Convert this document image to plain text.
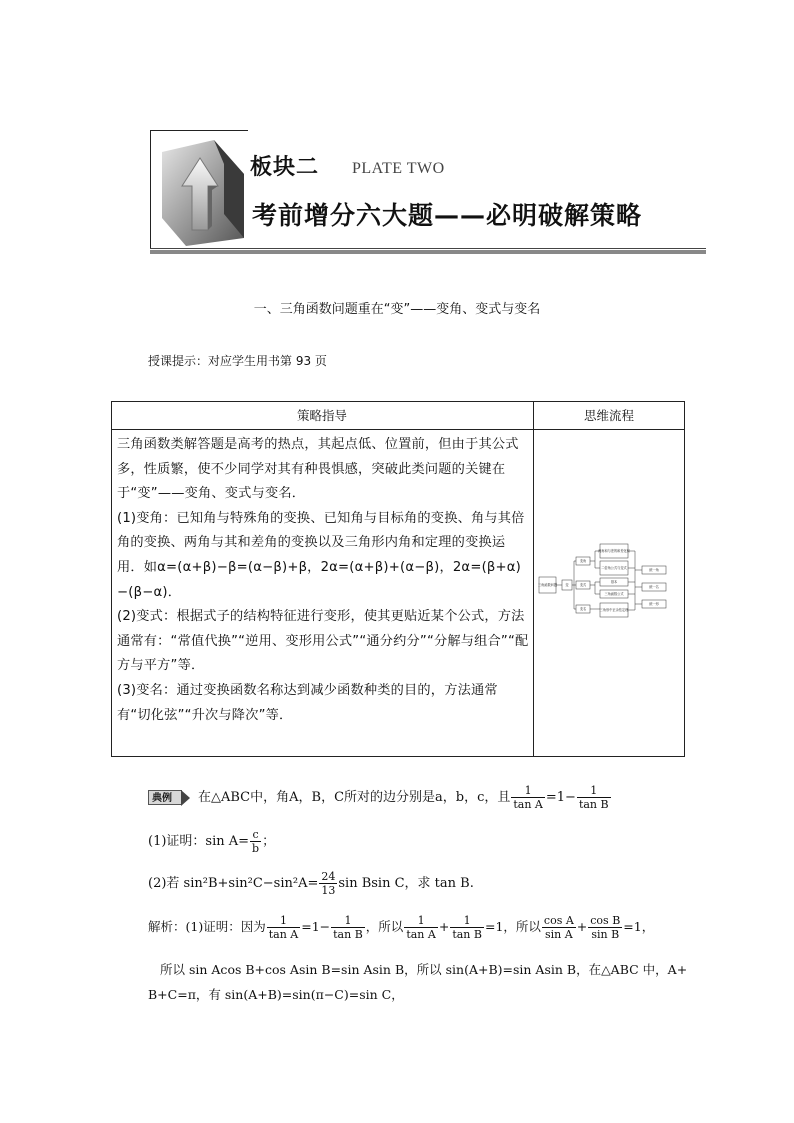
板块二 PLATE TWO
考前增分六大题——必明破解策略
一、三角函数问题重在“变”——变角、变式与变名
授课提示：对应学生用书第 93 页
策略指导	思维流程

三角函数类解答题是高考的热点，其起点低、位置前，但由于其公式多，性质繁，使不少同学对其有种畏惧感，突破此类问题的关键在于“变”——变角、变式与变名．

(1)变角：已知角与特殊角的变换、已知角与目标角的变换、角与其倍角的变换、两角与其和差角的变换以及三角形内角和定理的变换运用．如α=(α+β)−β=(α−β)+β，2α=(α+β)+(α−β)，2α=(β+α)−(β−α)．

(2)变式：根据式子的结构特征进行变形，使其更贴近某个公式，方法通常有：“常值代换”“逆用、变形用公式”“通分约分”“分解与组合”“配方与平方”等．

(3)变名：通过变换函数名称达到减少函数种类的目的，方法通常有“切化弦”“升次与降次”等．

三角函数问题	变
变角
变式
变名
两角和与差的和差化积
二倍角公式与变式
基本
三角函数公式
三角形中正余弦定理
统一角
统一名
统一形
典例	在△ABC中，角A，B，C所对的边分别是a，b，c，且 $\frac{1}{\text{tan A}} =1- \frac{1}{\text{tan B}}$
(1)证明：$\sin A= \frac{c}{b}$ ；
(2)若 $\sin^2B+\sin^2C-\sin^2A= \frac{24}{13}$ sin Bsin C，求 tan B.
解析：(1)证明：因为 $\frac{1}{\text{tan A}} =1- \frac{1}{\text{tan B}}$ ，所以 $\frac{1}{\text{tan A}} + \frac{1}{\text{tan B}} =1$，所以 $\frac{\text{cos A}}{\text{sin A}} + \frac{\text{cos B}}{\text{sin B}} =1$，
所以 sin Acos B+cos Asin B=sin Asin B，所以 sin(A+B)=sin Asin B，在△ABC 中，A+
B+C=π，有 sin(A+B)=sin(π−C)=sin C，
